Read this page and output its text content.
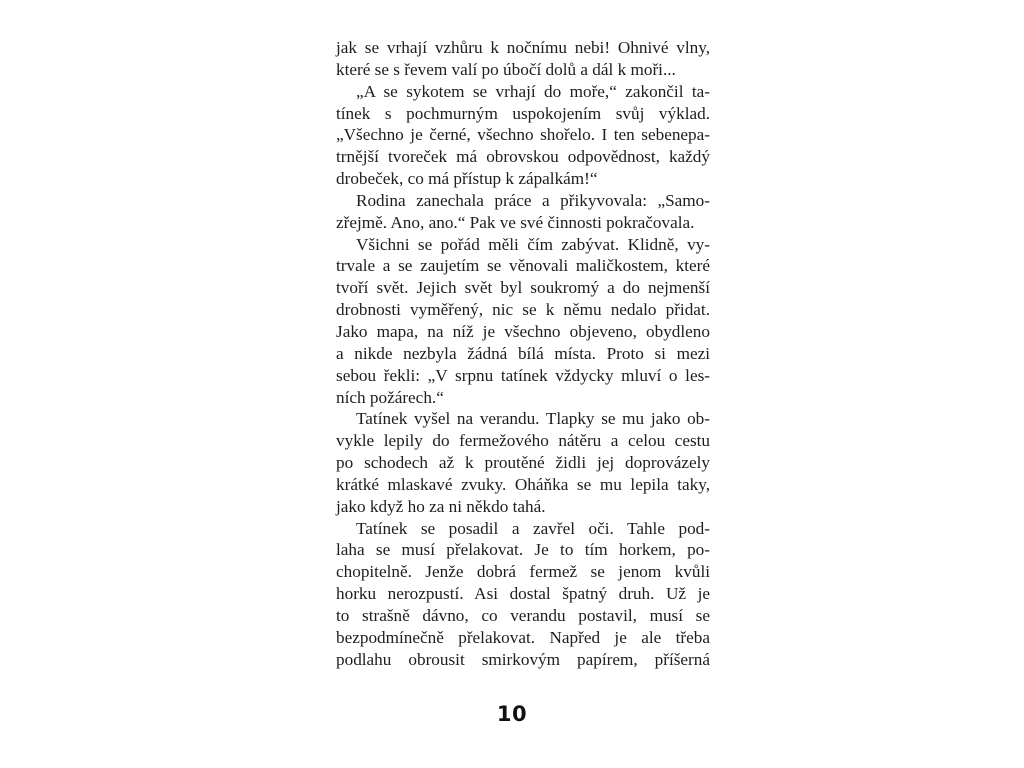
jak se vrhají vzhůru k nočnímu nebi! Ohnivé vlny,
které se s řevem valí po úbočí dolů a dál k moři...
„A se sykotem se vrhají do moře,“ zakončil ta-
tínek s pochmurným uspokojením svůj výklad.
„Všechno je černé, všechno shořelo. I ten sebenepa-
trnější tvoreček má obrovskou odpovědnost, každý
drobeček, co má přístup k zápalkám!“
Rodina zanechala práce a přikyvovala: „Samo-
zřejmě. Ano, ano.“ Pak ve své činnosti pokračovala.
Všichni se pořád měli čím zabývat. Klidně, vy-
trvale a se zaujetím se věnovali maličkostem, které
tvoří svět. Jejich svět byl soukromý a do nejmenší
drobnosti vyměřený, nic se k němu nedalo přidat.
Jako mapa, na níž je všechno objeveno, obydleno
a nikde nezbyla žádná bílá místa. Proto si mezi
sebou řekli: „V srpnu tatínek vždycky mluví o les-
ních požárech.“
Tatínek vyšel na verandu. Tlapky se mu jako ob-
vykle lepily do fermežového nátěru a celou cestu
po schodech až k proutěné židli jej doprovázely
krátké mlaskavé zvuky. Oháňka se mu lepila taky,
jako když ho za ni někdo tahá.
Tatínek se posadil a zavřel oči. Tahle pod-
laha se musí přelakovat. Je to tím horkem, po-
chopitelně. Jenže dobrá fermež se jenom kvůli
horku nerozpustí. Asi dostal špatný druh. Už je
to strašně dávno, co verandu postavil, musí se
bezpodmínečně přelakovat. Napřed je ale třeba
podlahu obrousit smirkovým papírem, příšerná
10
